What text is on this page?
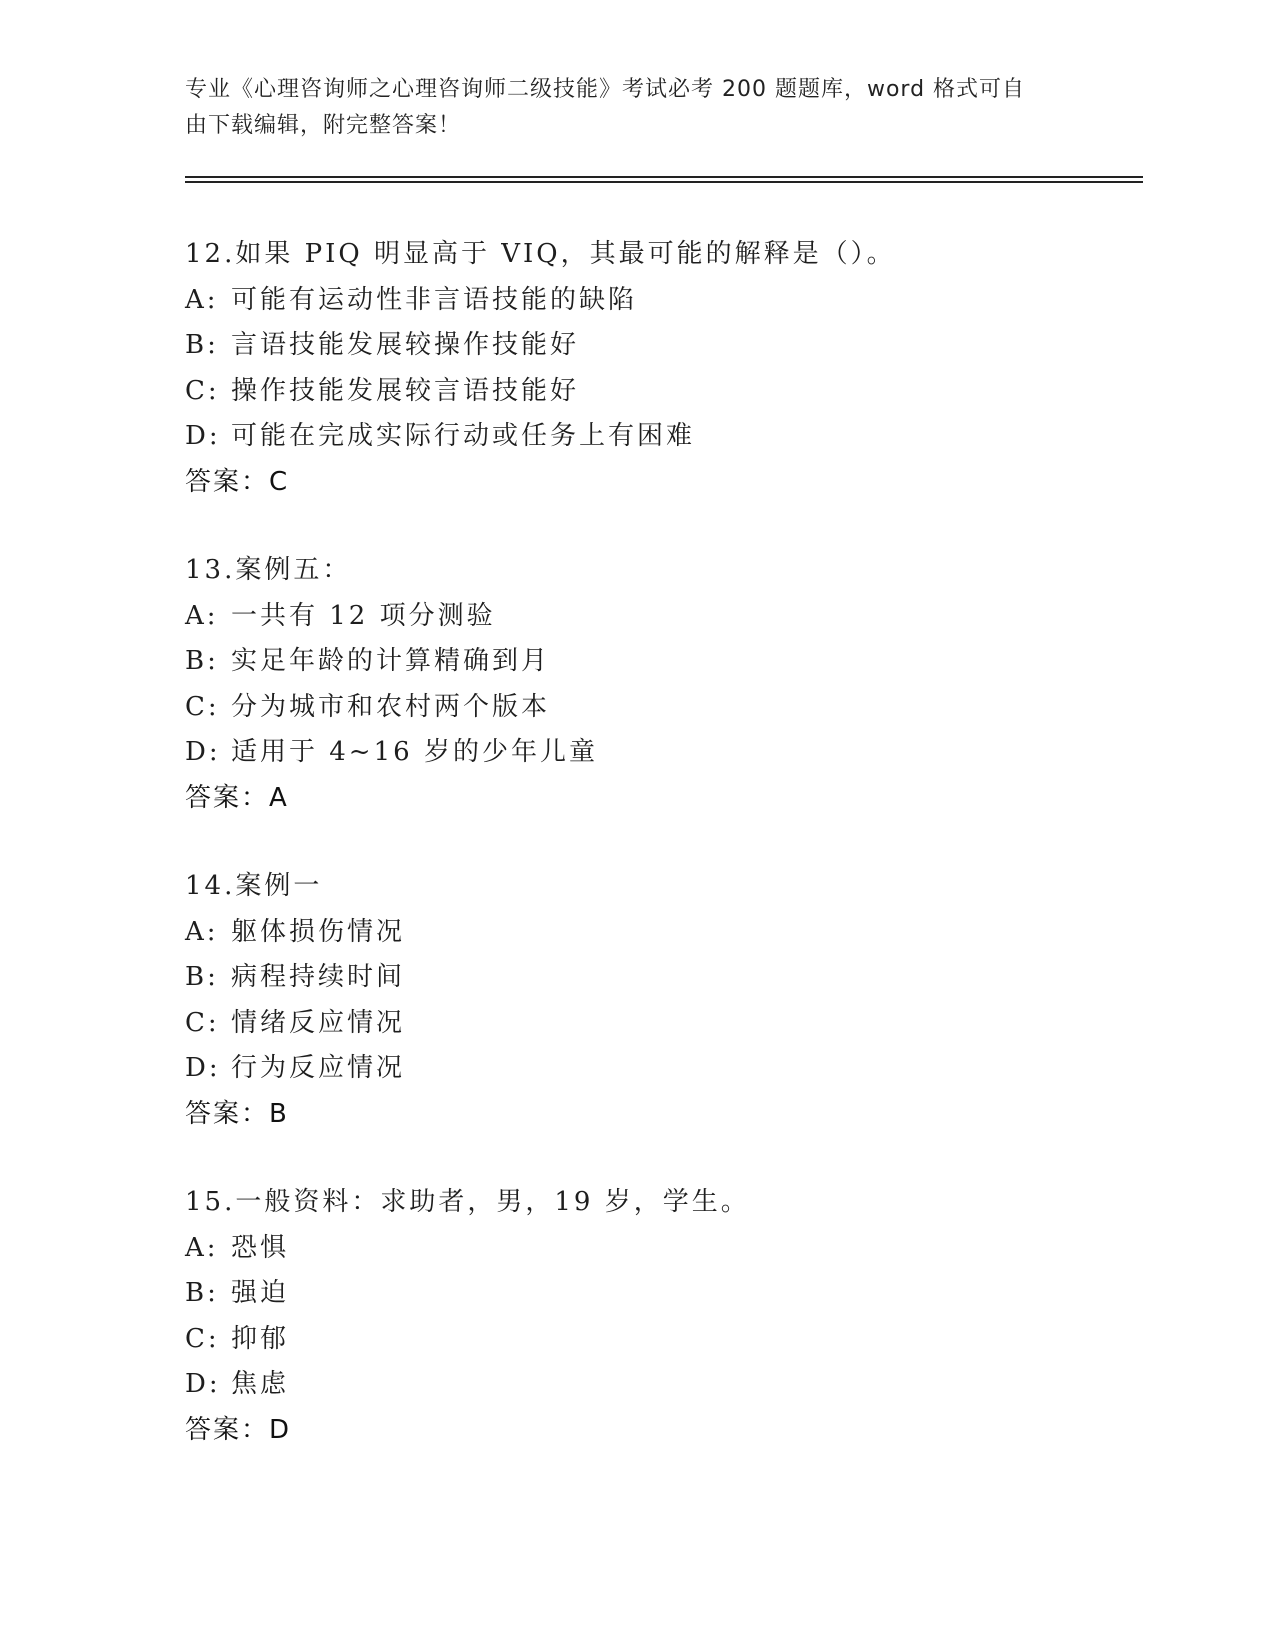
专业《心理咨询师之心理咨询师二级技能》考试必考 200 题题库，word 格式可自
由下载编辑，附完整答案！
12.如果 PIQ 明显高于 VIQ，其最可能的解释是（）。
A: 可能有运动性非言语技能的缺陷
B: 言语技能发展较操作技能好
C: 操作技能发展较言语技能好
D: 可能在完成实际行动或任务上有困难
答案：C
13.案例五：
A: 一共有 12 项分测验
B: 实足年龄的计算精确到月
C: 分为城市和农村两个版本
D: 适用于 4~16 岁的少年儿童
答案：A
14.案例一
A: 躯体损伤情况
B: 病程持续时间
C: 情绪反应情况
D: 行为反应情况
答案：B
15.一般资料：求助者，男，19 岁，学生。
A: 恐惧
B: 强迫
C: 抑郁
D: 焦虑
答案：D
